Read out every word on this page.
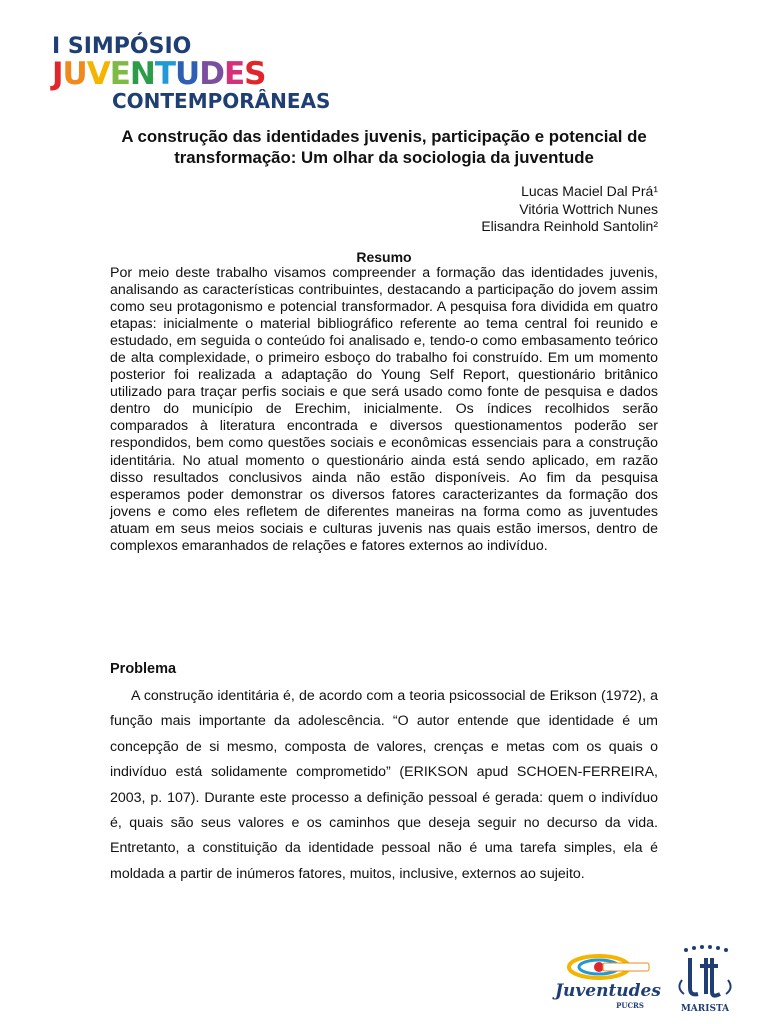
I SIMPÓSIO
JUVENTUDES
CONTEMPORÂNEAS
A construção das identidades juvenis, participação e potencial de transformação: Um olhar da sociologia da juventude
Lucas Maciel Dal Prá¹
Vitória Wottrich Nunes
Elisandra Reinhold Santolin²
Resumo
Por meio deste trabalho visamos compreender a formação das identidades juvenis, analisando as características contribuintes, destacando a participação do jovem assim como seu protagonismo e potencial transformador. A pesquisa fora dividida em quatro etapas: inicialmente o material bibliográfico referente ao tema central foi reunido e estudado, em seguida o conteúdo foi analisado e, tendo-o como embasamento teórico de alta complexidade, o primeiro esboço do trabalho foi construído. Em um momento posterior foi realizada a adaptação do Young Self Report, questionário britânico utilizado para traçar perfis sociais e que será usado como fonte de pesquisa e dados dentro do município de Erechim, inicialmente. Os índices recolhidos serão comparados à literatura encontrada e diversos questionamentos poderão ser respondidos, bem como questões sociais e econômicas essenciais para a construção identitária. No atual momento o questionário ainda está sendo aplicado, em razão disso resultados conclusivos ainda não estão disponíveis. Ao fim da pesquisa esperamos poder demonstrar os diversos fatores caracterizantes da formação dos jovens e como eles refletem de diferentes maneiras na forma como as juventudes atuam em seus meios sociais e culturas juvenis nas quais estão imersos, dentro de complexos emaranhados de relações e fatores externos ao indivíduo.
Problema
A construção identitária é, de acordo com a teoria psicossocial de Erikson (1972), a função mais importante da adolescência. “O autor entende que identidade é um concepção de si mesmo, composta de valores, crenças e metas com os quais o indivíduo está solidamente comprometido” (ERIKSON apud SCHOEN-FERREIRA, 2003, p. 107). Durante este processo a definição pessoal é gerada: quem o indivíduo é, quais são seus valores e os caminhos que deseja seguir no decurso da vida. Entretanto, a constituição da identidade pessoal não é uma tarefa simples, ela é moldada a partir de inúmeros fatores, muitos, inclusive, externos ao sujeito.
Juventudes
PUCRS	MARISTA
